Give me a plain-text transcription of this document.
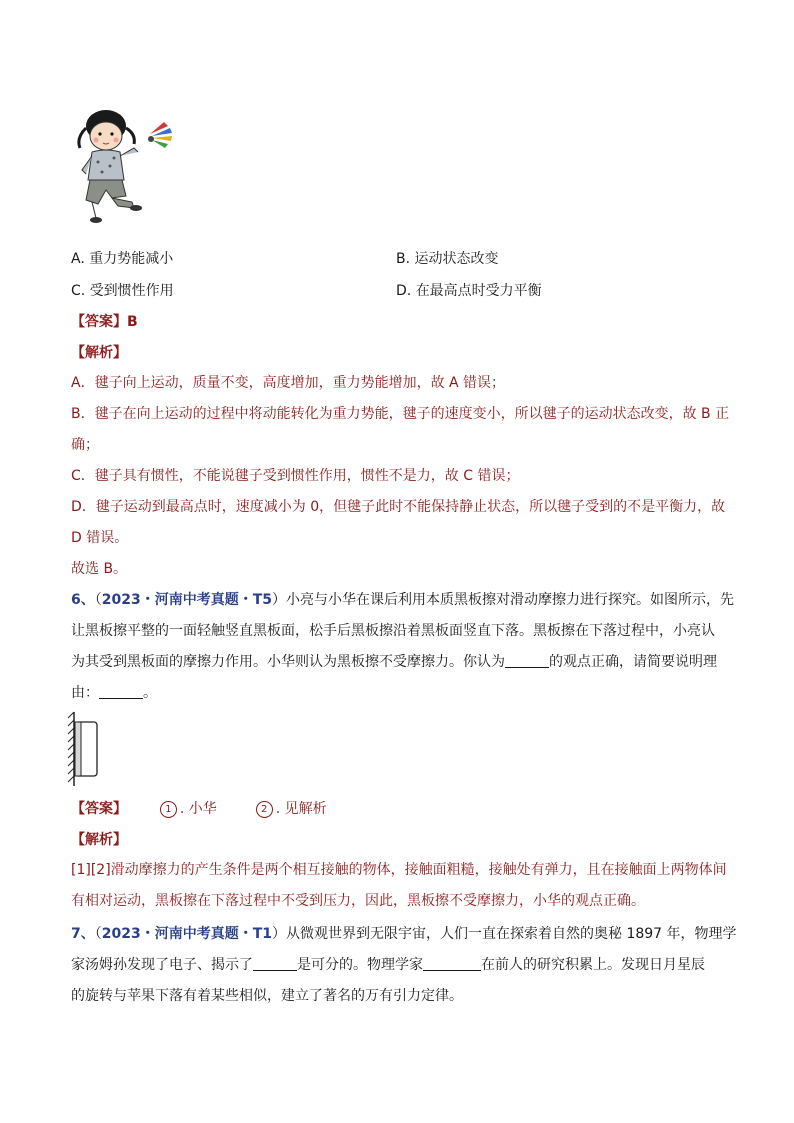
A. 重力势能减小	B. 运动状态改变
C. 受到惯性作用	D. 在最高点时受力平衡
【答案】B
【解析】
A．毽子向上运动，质量不变，高度增加，重力势能增加，故 A 错误；
B．毽子在向上运动的过程中将动能转化为重力势能，毽子的速度变小，所以毽子的运动状态改变，故 B 正
确；
C．毽子具有惯性，不能说毽子受到惯性作用，惯性不是力，故 C 错误；
D．毽子运动到最高点时，速度减小为 0，但毽子此时不能保持静止状态，所以毽子受到的不是平衡力，故
D 错误。
故选 B。
6、（2023・河南中考真题・T5）小亮与小华在课后利用本质黑板擦对滑动摩擦力进行探究。如图所示，先
让黑板擦平整的一面轻触竖直黑板面，松手后黑板擦沿着黑板面竖直下落。黑板擦在下落过程中，小亮认
为其受到黑板面的摩擦力作用。小华则认为黑板擦不受摩擦力。你认为	的观点正确，请简要说明理
由：	。
【答案】	1 . 小华	2 . 见解析
【解析】
[1][2]滑动摩擦力的产生条件是两个相互接触的物体，接触面粗糙，接触处有弹力，且在接触面上两物体间
有相对运动，黑板擦在下落过程中不受到压力，因此，黑板擦不受摩擦力，小华的观点正确。
7、（2023・河南中考真题・T1）从微观世界到无限宇宙，人们一直在探索着自然的奥秘 1897 年，物理学
家汤姆孙发现了电子、揭示了	是可分的。物理学家	在前人的研究积累上。发现日月星辰
的旋转与苹果下落有着某些相似，建立了著名的万有引力定律。
